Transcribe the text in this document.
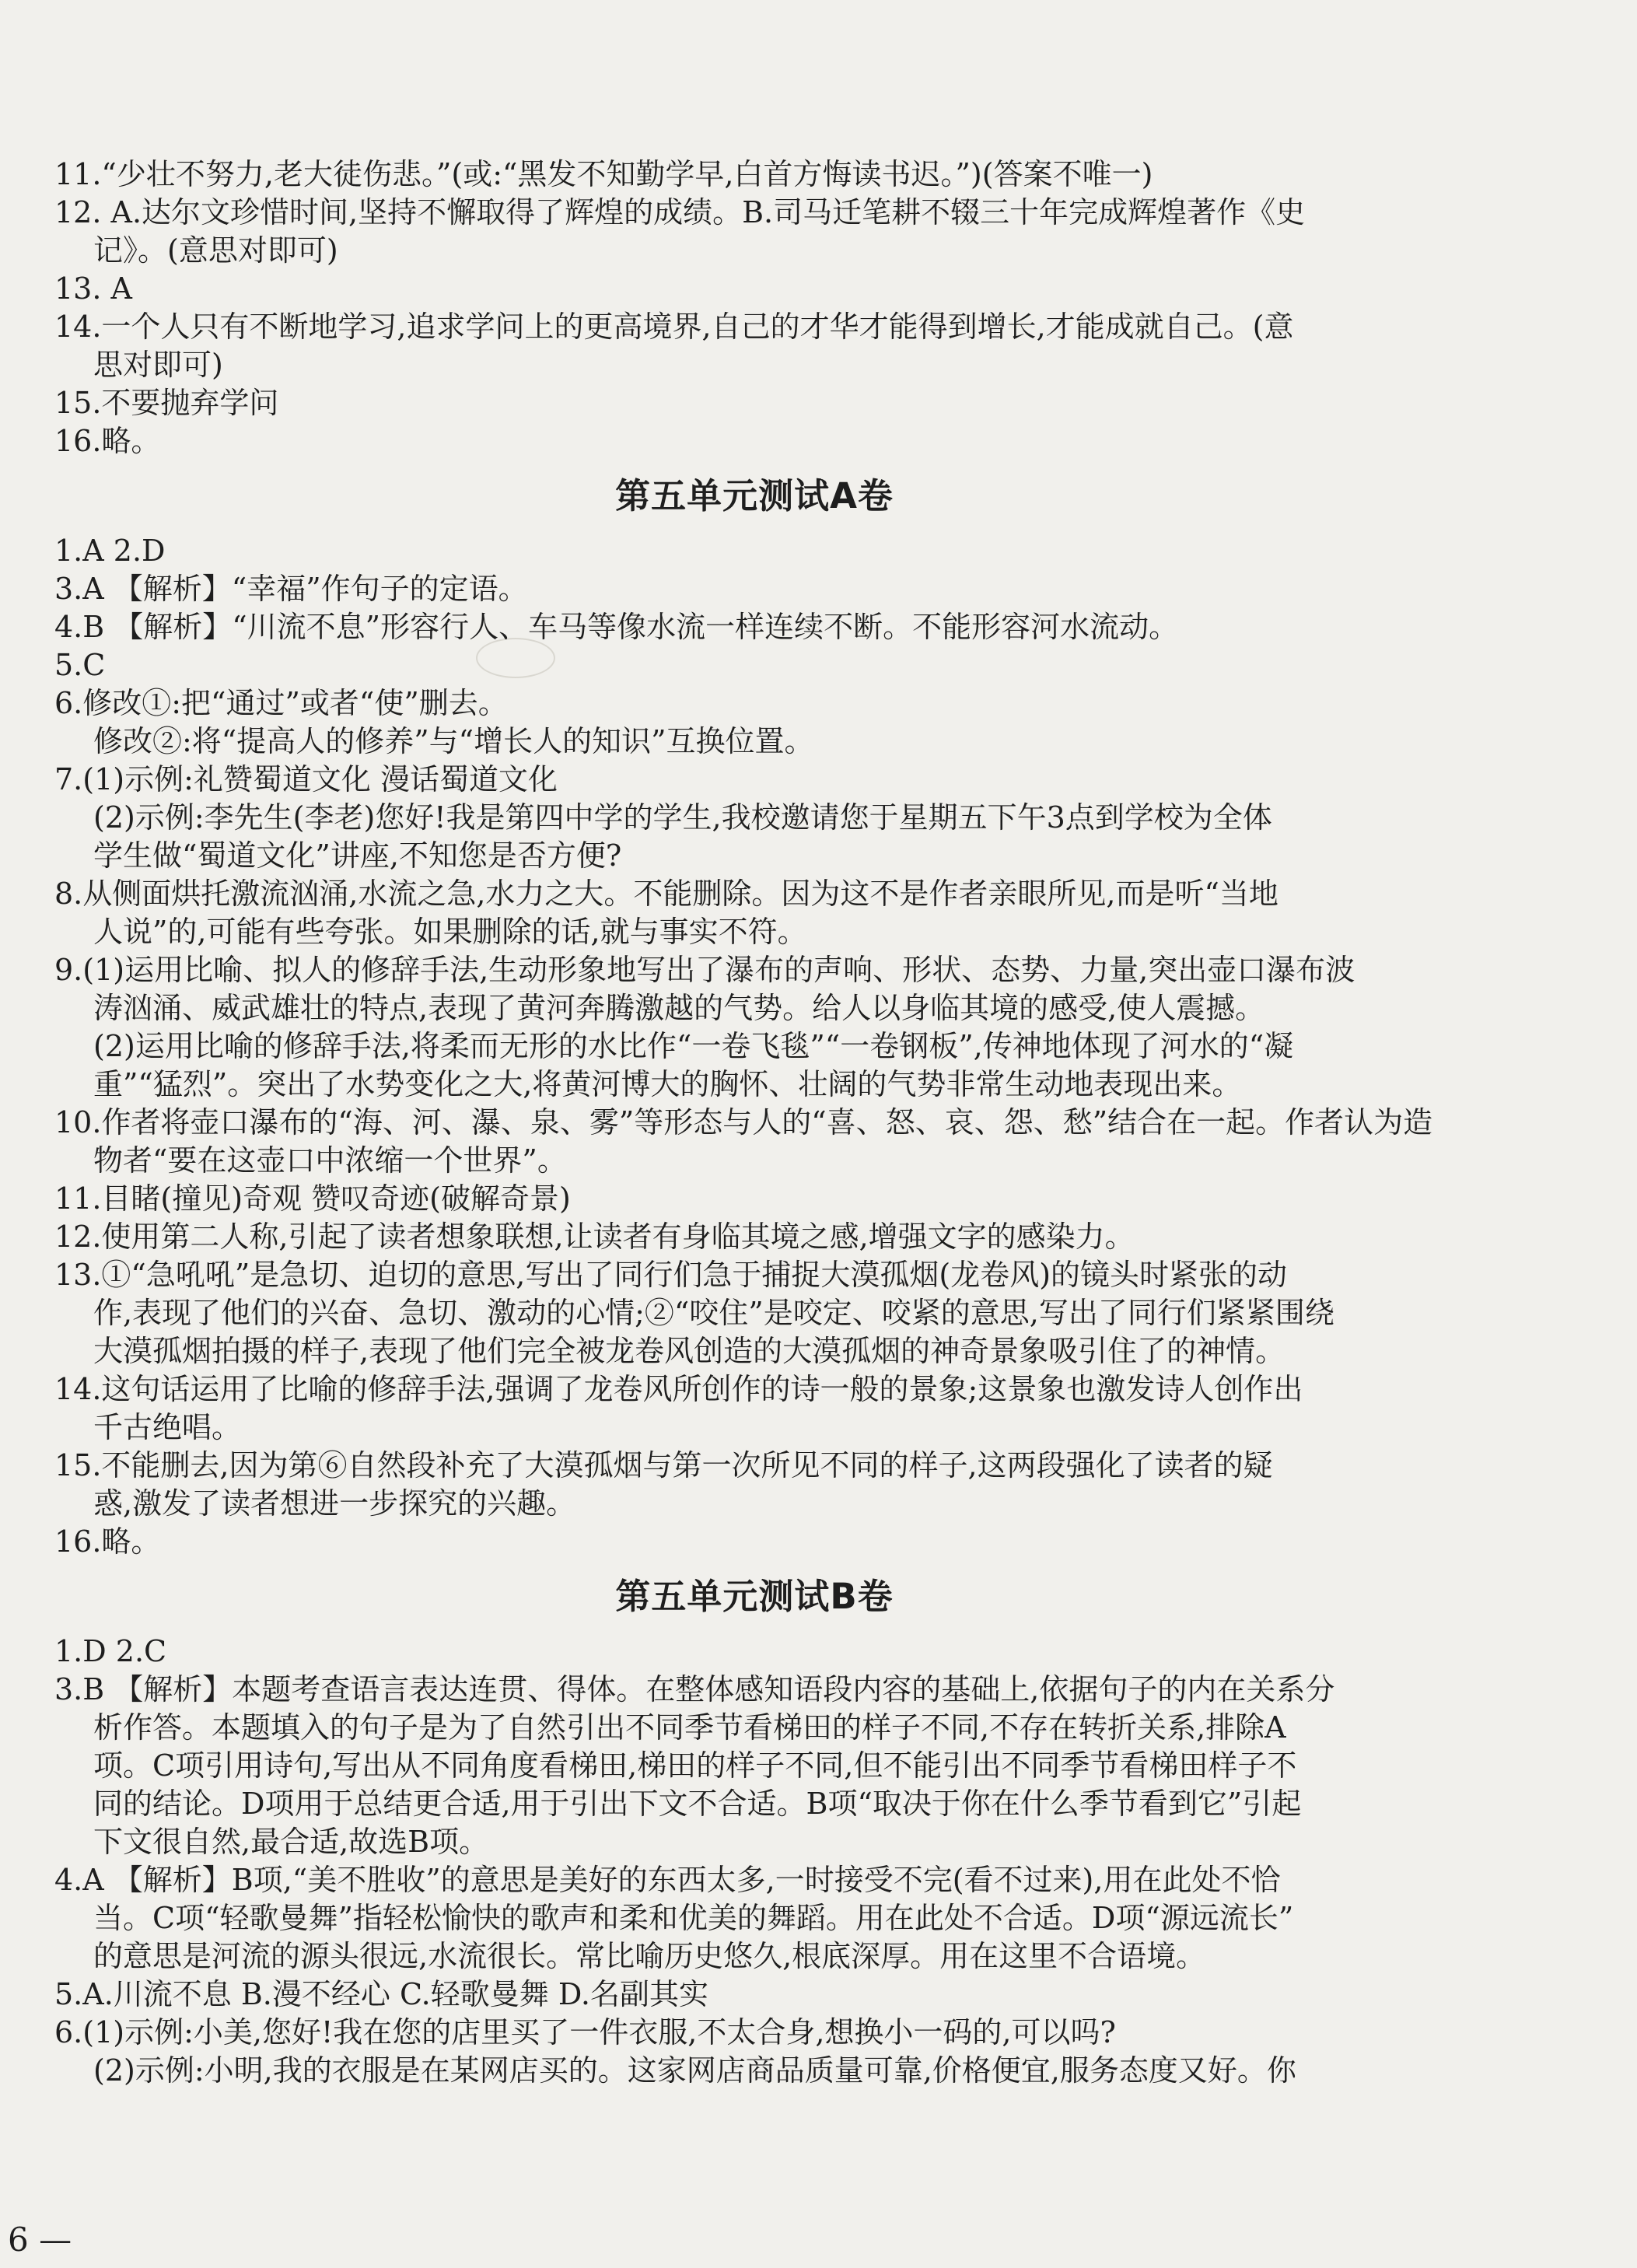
11.“少壮不努力,老大徒伤悲。”(或:“黑发不知勤学早,白首方悔读书迟。”)(答案不唯一)
12. A.达尔文珍惜时间,坚持不懈取得了辉煌的成绩。B.司马迁笔耕不辍三十年完成辉煌著作《史
记》。(意思对即可)
13. A
14.一个人只有不断地学习,追求学问上的更高境界,自己的才华才能得到增长,才能成就自己。(意
思对即可)
15.不要抛弃学问
16.略。
第五单元测试A卷
1.A 2.D
3.A 【解析】“幸福”作句子的定语。
4.B 【解析】“川流不息”形容行人、车马等像水流一样连续不断。不能形容河水流动。
5.C
6.修改①:把“通过”或者“使”删去。
修改②:将“提高人的修养”与“增长人的知识”互换位置。
7.(1)示例:礼赞蜀道文化 漫话蜀道文化
(2)示例:李先生(李老)您好!我是第四中学的学生,我校邀请您于星期五下午3点到学校为全体
学生做“蜀道文化”讲座,不知您是否方便?
8.从侧面烘托激流汹涌,水流之急,水力之大。不能删除。因为这不是作者亲眼所见,而是听“当地
人说”的,可能有些夸张。如果删除的话,就与事实不符。
9.(1)运用比喻、拟人的修辞手法,生动形象地写出了瀑布的声响、形状、态势、力量,突出壶口瀑布波
涛汹涌、威武雄壮的特点,表现了黄河奔腾激越的气势。给人以身临其境的感受,使人震撼。
(2)运用比喻的修辞手法,将柔而无形的水比作“一卷飞毯”“一卷钢板”,传神地体现了河水的“凝
重”“猛烈”。突出了水势变化之大,将黄河博大的胸怀、壮阔的气势非常生动地表现出来。
10.作者将壶口瀑布的“海、河、瀑、泉、雾”等形态与人的“喜、怒、哀、怨、愁”结合在一起。作者认为造
物者“要在这壶口中浓缩一个世界”。
11.目睹(撞见)奇观 赞叹奇迹(破解奇景)
12.使用第二人称,引起了读者想象联想,让读者有身临其境之感,增强文字的感染力。
13.①“急吼吼”是急切、迫切的意思,写出了同行们急于捕捉大漠孤烟(龙卷风)的镜头时紧张的动
作,表现了他们的兴奋、急切、激动的心情;②“咬住”是咬定、咬紧的意思,写出了同行们紧紧围绕
大漠孤烟拍摄的样子,表现了他们完全被龙卷风创造的大漠孤烟的神奇景象吸引住了的神情。
14.这句话运用了比喻的修辞手法,强调了龙卷风所创作的诗一般的景象;这景象也激发诗人创作出
千古绝唱。
15.不能删去,因为第⑥自然段补充了大漠孤烟与第一次所见不同的样子,这两段强化了读者的疑
惑,激发了读者想进一步探究的兴趣。
16.略。
第五单元测试B卷
1.D 2.C
3.B 【解析】本题考查语言表达连贯、得体。在整体感知语段内容的基础上,依据句子的内在关系分
析作答。本题填入的句子是为了自然引出不同季节看梯田的样子不同,不存在转折关系,排除A
项。C项引用诗句,写出从不同角度看梯田,梯田的样子不同,但不能引出不同季节看梯田样子不
同的结论。D项用于总结更合适,用于引出下文不合适。B项“取决于你在什么季节看到它”引起
下文很自然,最合适,故选B项。
4.A 【解析】B项,“美不胜收”的意思是美好的东西太多,一时接受不完(看不过来),用在此处不恰
当。C项“轻歌曼舞”指轻松愉快的歌声和柔和优美的舞蹈。用在此处不合适。D项“源远流长”
的意思是河流的源头很远,水流很长。常比喻历史悠久,根底深厚。用在这里不合语境。
5.A.川流不息 B.漫不经心 C.轻歌曼舞 D.名副其实
6.(1)示例:小美,您好!我在您的店里买了一件衣服,不太合身,想换小一码的,可以吗?
(2)示例:小明,我的衣服是在某网店买的。这家网店商品质量可靠,价格便宜,服务态度又好。你
6 —
